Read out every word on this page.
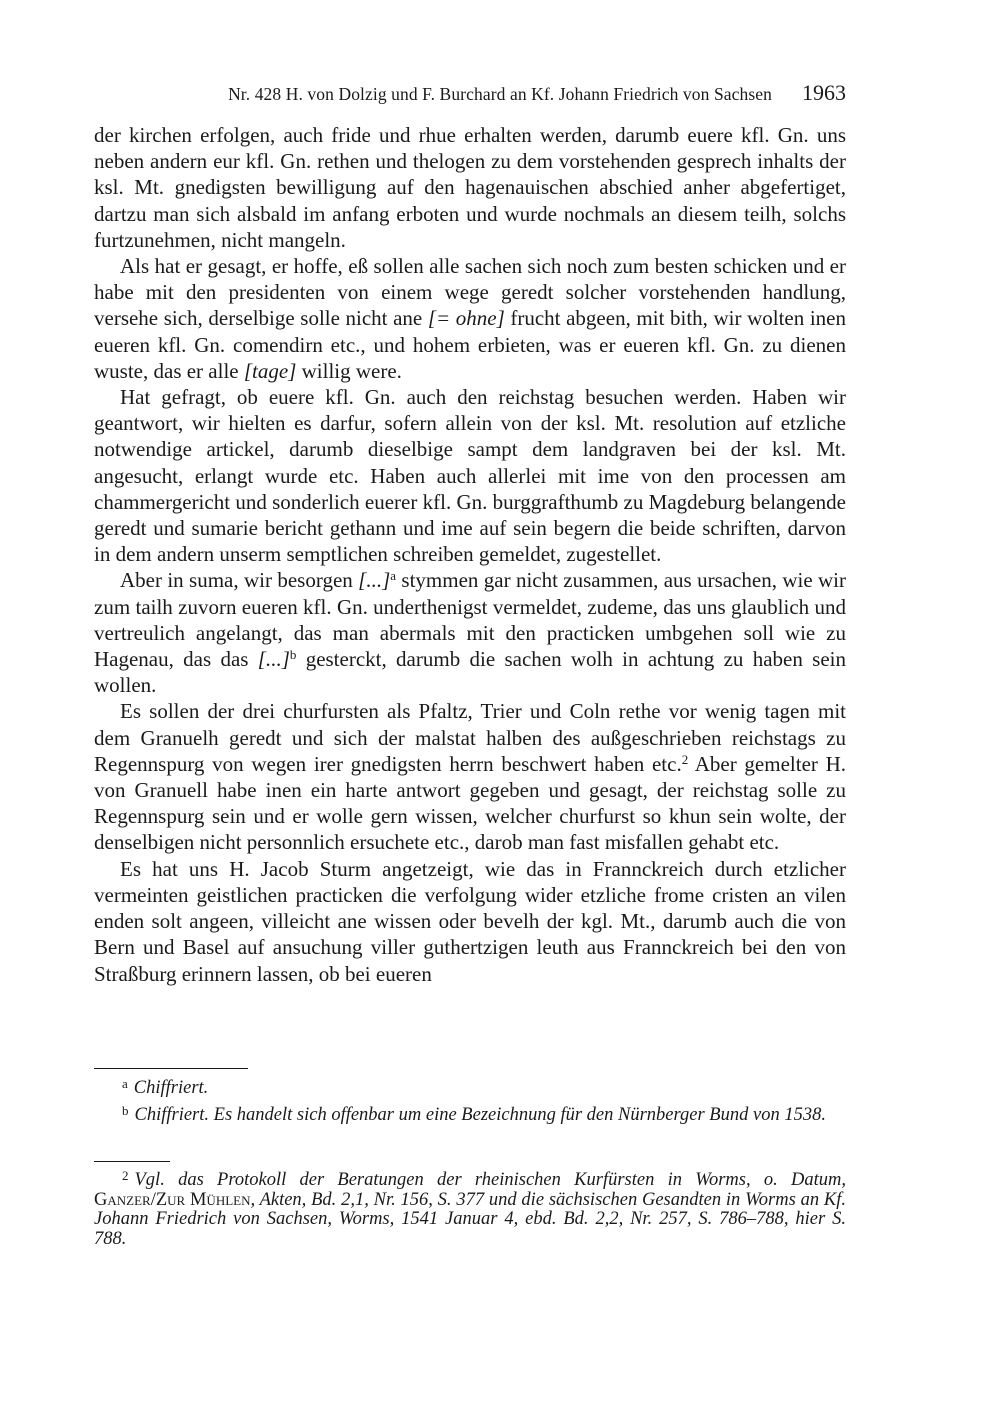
Nr. 428 H. von Dolzig und F. Burchard an Kf. Johann Friedrich von Sachsen 1963

der kirchen erfolgen, auch fride und rhue erhalten werden, darumb euere kfl. Gn. uns neben andern eur kfl. Gn. rethen und thelogen zu dem vorstehenden gesprech inhalts der ksl. Mt. gnedigsten bewilligung auf den hagenauischen abschied anher abgefertiget, dartzu man sich alsbald im anfang erboten und wurde nochmals an diesem teilh, solchs furtzunehmen, nicht mangeln.

Als hat er gesagt, er hoffe, eß sollen alle sachen sich noch zum besten schicken und er habe mit den presidenten von einem wege geredt solcher vorstehenden handlung, versehe sich, derselbige solle nicht ane [= ohne] frucht abgeen, mit bith, wir wolten inen eueren kfl. Gn. comendirn etc., und hohem erbieten, was er eueren kfl. Gn. zu dienen wuste, das er alle [tage] willig were.

Hat gefragt, ob euere kfl. Gn. auch den reichstag besuchen werden. Haben wir geantwort, wir hielten es darfur, sofern allein von der ksl. Mt. resolution auf etzliche notwendige artickel, darumb dieselbige sampt dem landgraven bei der ksl. Mt. angesucht, erlangt wurde etc. Haben auch allerlei mit ime von den processen am chammergericht und sonderlich euerer kfl. Gn. burggrafthumb zu Magdeburg belangende geredt und sumarie bericht gethann und ime auf sein begern die beide schriften, darvon in dem andern unserm semptlichen schreiben gemeldet, zugestellet.

Aber in suma, wir besorgen [...]$^a$ stymmen gar nicht zusammen, aus ursachen, wie wir zum tailh zuvorn eueren kfl. Gn. underthenigst vermeldet, zudeme, das uns glaublich und vertreulich angelangt, das man abermals mit den practicken umbgehen soll wie zu Hagenau, das das [...]$^b$ gesterckt, darumb die sachen wolh in achtung zu haben sein wollen.

Es sollen der drei churfursten als Pfaltz, Trier und Coln rethe vor wenig tagen mit dem Granuelh geredt und sich der malstat halben des außgeschrieben reichstags zu Regennspurg von wegen irer gnedigsten herrn beschwert haben etc.$^2$ Aber gemelter H. von Granuell habe inen ein harte antwort gegeben und gesagt, der reichstag solle zu Regennspurg sein und er wolle gern wissen, welcher churfurst so khun sein wolte, der denselbigen nicht personnlich ersuchete etc., darob man fast misfallen gehabt etc.

Es hat uns H. Jacob Sturm angetzeigt, wie das in Frannckreich durch etzlicher vermeinten geistlichen practicken die verfolgung wider etzliche frome cristen an vilen enden solt angeen, villeicht ane wissen oder bevelh der kgl. Mt., darumb auch die von Bern und Basel auf ansuchung viller guthertzigen leuth aus Frannckreich bei den von Straßburg erinnern lassen, ob bei eueren

$^a$ Chiffriert.

$^b$ Chiffriert. Es handelt sich offenbar um eine Bezeichnung für den Nürnberger Bund von 1538.

$^2$ Vgl. das Protokoll der Beratungen der rheinischen Kurfürsten in Worms, o. Datum, Ganzer/Zur Mühlen, Akten, Bd. 2,1, Nr. 156, S. 377 und die sächsischen Gesandten in Worms an Kf. Johann Friedrich von Sachsen, Worms, 1541 Januar 4, ebd. Bd. 2,2, Nr. 257, S. 786–788, hier S. 788.
